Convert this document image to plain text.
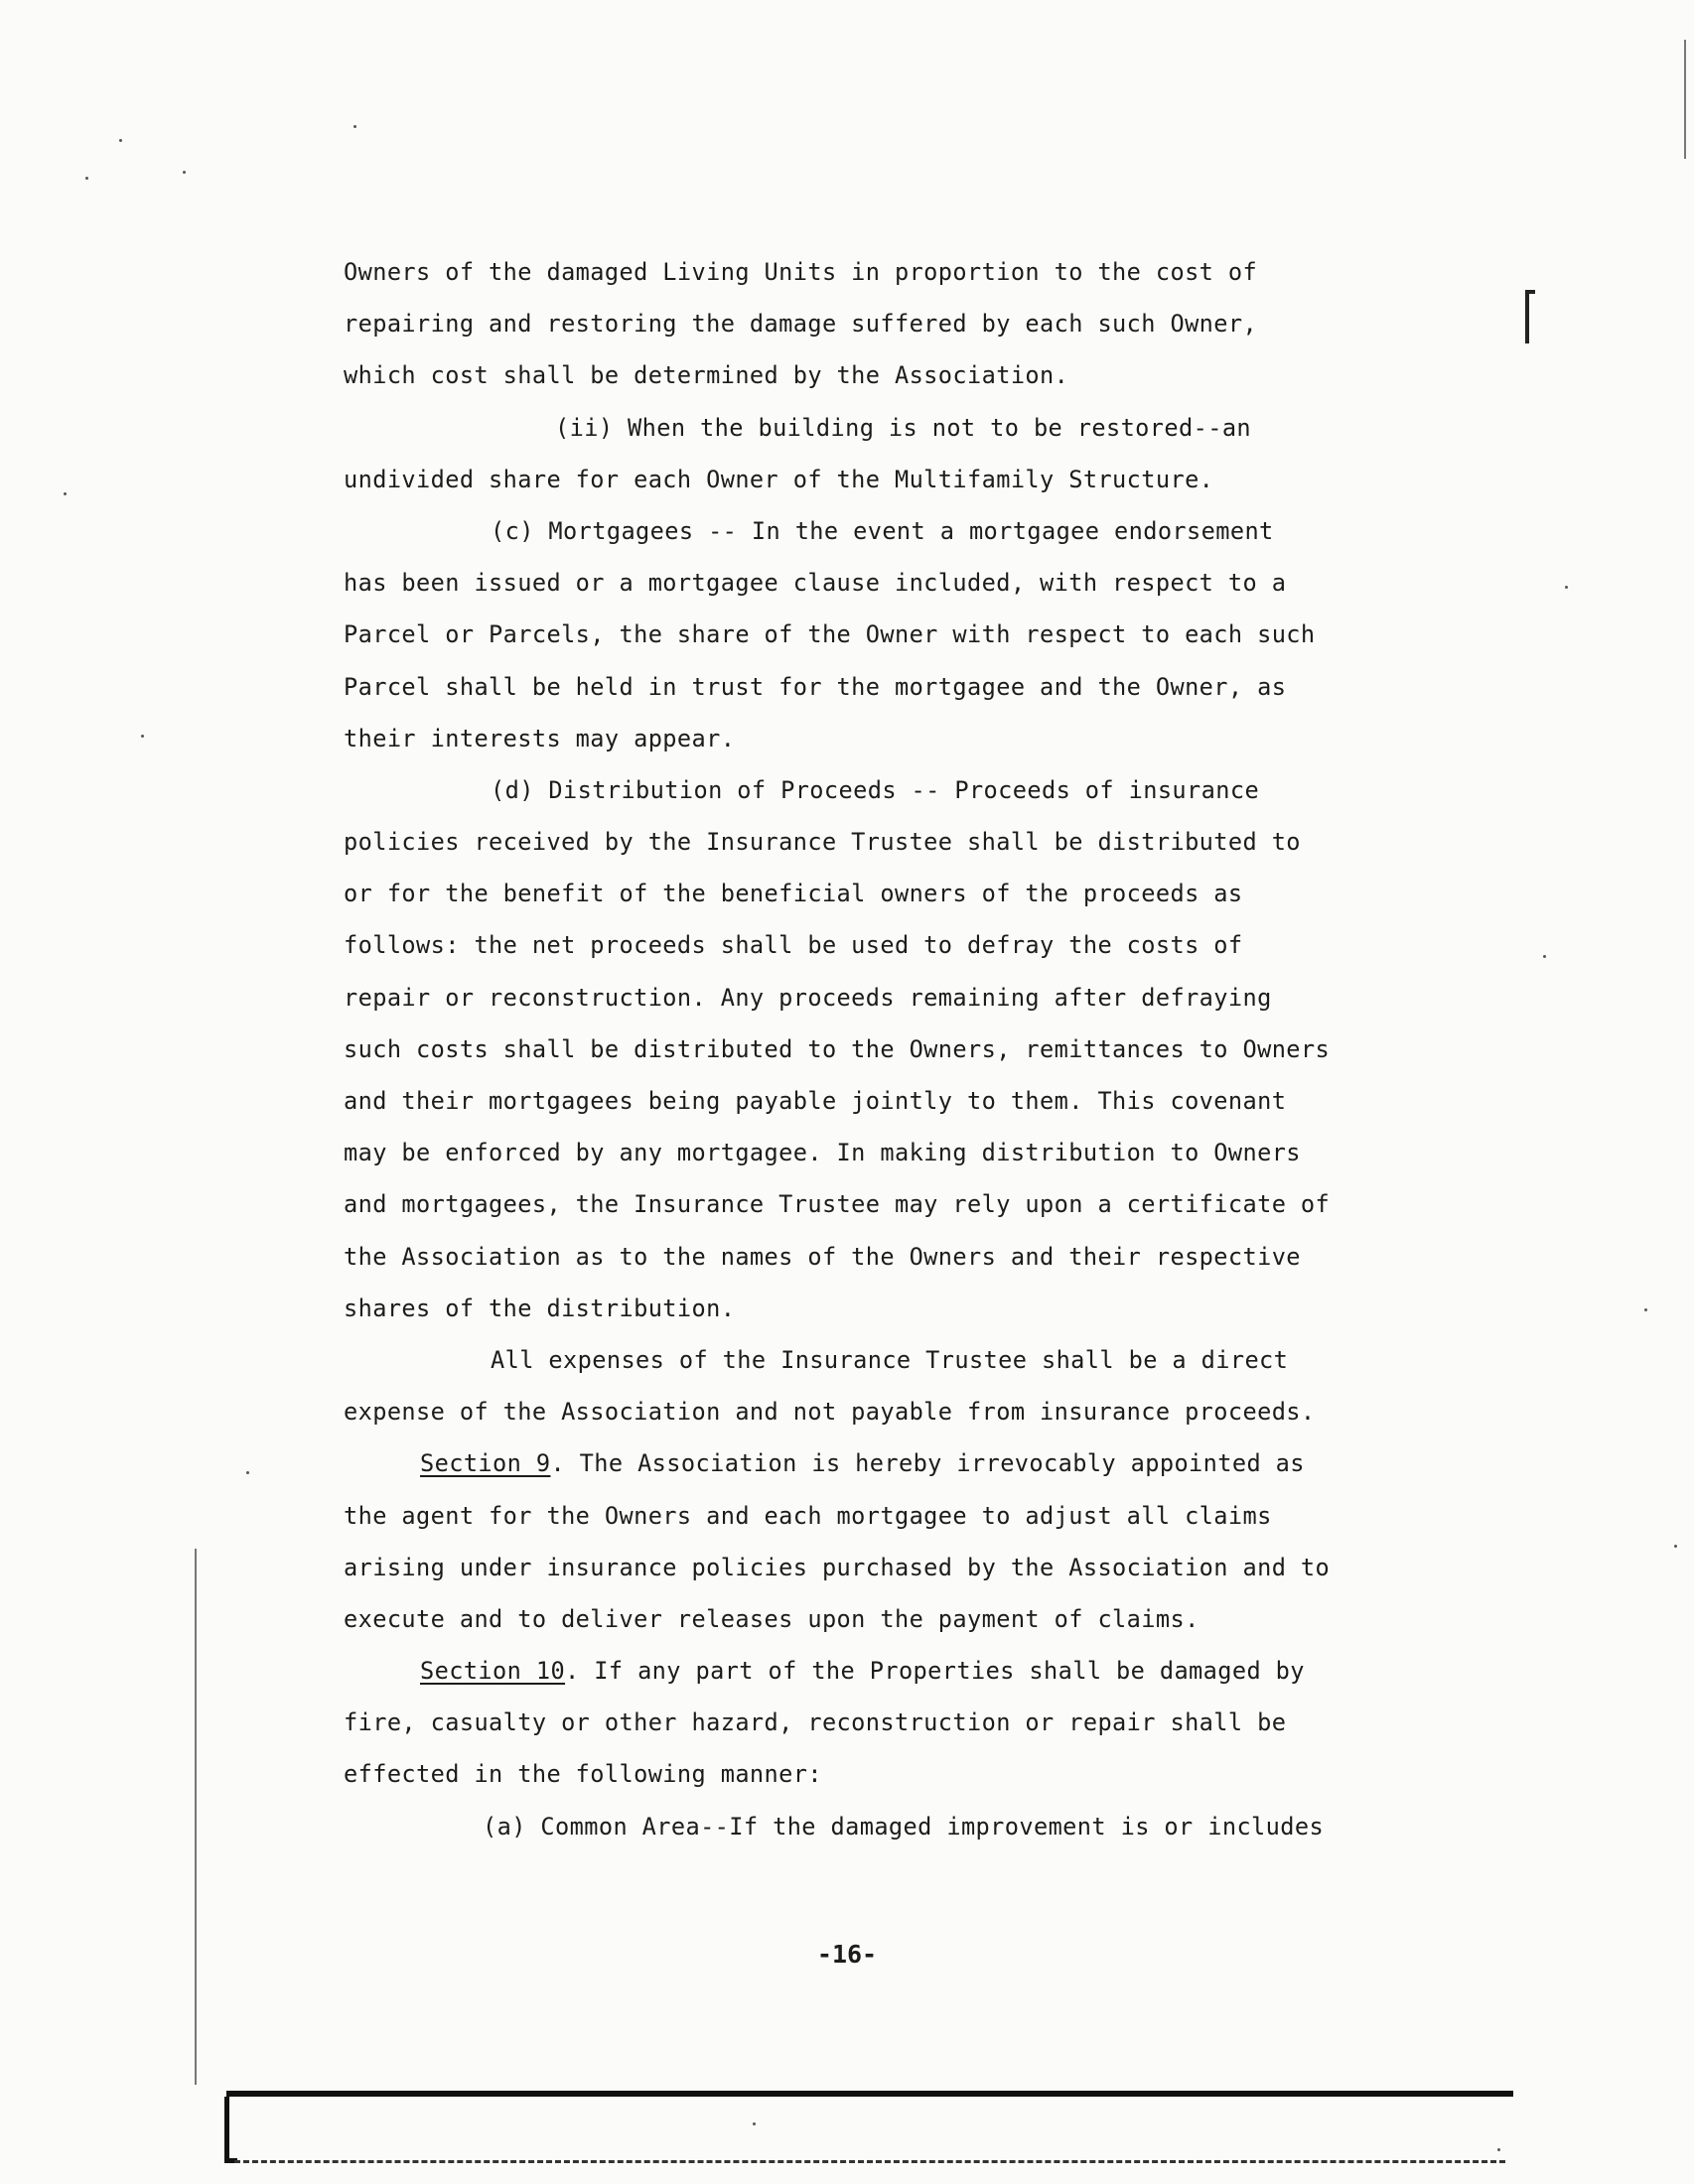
Owners of the damaged Living Units in proportion to the cost of
repairing and restoring the damage suffered by each such Owner,
which cost shall be determined by the Association.
(ii) When the building is not to be restored--an
undivided share for each Owner of the Multifamily Structure.
(c) Mortgagees -- In the event a mortgagee endorsement
has been issued or a mortgagee clause included, with respect to a
Parcel or Parcels, the share of the Owner with respect to each such
Parcel shall be held in trust for the mortgagee and the Owner, as
their interests may appear.
(d) Distribution of Proceeds -- Proceeds of insurance
policies received by the Insurance Trustee shall be distributed to
or for the benefit of the beneficial owners of the proceeds as
follows: the net proceeds shall be used to defray the costs of
repair or reconstruction. Any proceeds remaining after defraying
such costs shall be distributed to the Owners, remittances to Owners
and their mortgagees being payable jointly to them. This covenant
may be enforced by any mortgagee. In making distribution to Owners
and mortgagees, the Insurance Trustee may rely upon a certificate of
the Association as to the names of the Owners and their respective
shares of the distribution.
All expenses of the Insurance Trustee shall be a direct
expense of the Association and not payable from insurance proceeds.
Section 9. The Association is hereby irrevocably appointed as
the agent for the Owners and each mortgagee to adjust all claims
arising under insurance policies purchased by the Association and to
execute and to deliver releases upon the payment of claims.
Section 10. If any part of the Properties shall be damaged by
fire, casualty or other hazard, reconstruction or repair shall be
effected in the following manner:
(a) Common Area--If the damaged improvement is or includes
-16-
